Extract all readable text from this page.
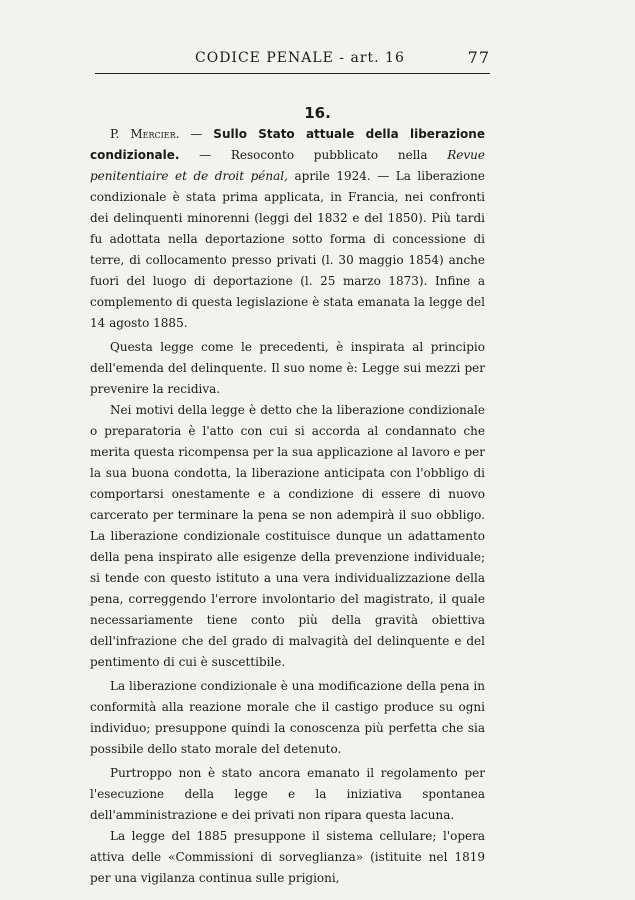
CODICE PENALE - art. 16	77
16.

P. Mercier. — Sullo Stato attuale della liberazione condizionale. — Resoconto pubblicato nella Revue penitentiaire et de droit pénal, aprile 1924. — La liberazione condizionale è stata prima applicata, in Francia, nei confronti dei delinquenti minorenni (leggi del 1832 e del 1850). Più tardi fu adottata nella deportazione sotto forma di concessione di terre, di collocamento presso privati (l. 30 maggio 1854) anche fuori del luogo di deportazione (l. 25 marzo 1873). Infine a complemento di questa legislazione è stata emanata la legge del 14 agosto 1885.

Questa legge come le precedenti, è inspirata al principio dell'emenda del delinquente. Il suo nome è: Legge sui mezzi per prevenire la recidiva.

Nei motivi della legge è detto che la liberazione condizionale o preparatoria è l'atto con cui si accorda al condannato che merita questa ricompensa per la sua applicazione al lavoro e per la sua buona condotta, la liberazione anticipata con l'obbligo di comportarsi onestamente e a condizione di essere di nuovo carcerato per terminare la pena se non adempirà il suo obbligo. La liberazione condizionale costituisce dunque un adattamento della pena inspirato alle esigenze della prevenzione individuale; si tende con questo istituto a una vera individualizzazione della pena, correggendo l'errore involontario del magistrato, il quale necessariamente tiene conto più della gravità obiettiva dell'infrazione che del grado di malvagità del delinquente e del pentimento di cui è suscettibile.

La liberazione condizionale è una modificazione della pena in conformità alla reazione morale che il castigo produce su ogni individuo; presuppone quindi la conoscenza più perfetta che sia possibile dello stato morale del detenuto.

Purtroppo non è stato ancora emanato il regolamento per l'esecuzione della legge e la iniziativa spontanea dell'amministrazione e dei privati non ripara questa lacuna.

La legge del 1885 presuppone il sistema cellulare; l'opera attiva delle «Commissioni di sorveglianza» (istituite nel 1819 per una vigilanza continua sulle prigioni,
